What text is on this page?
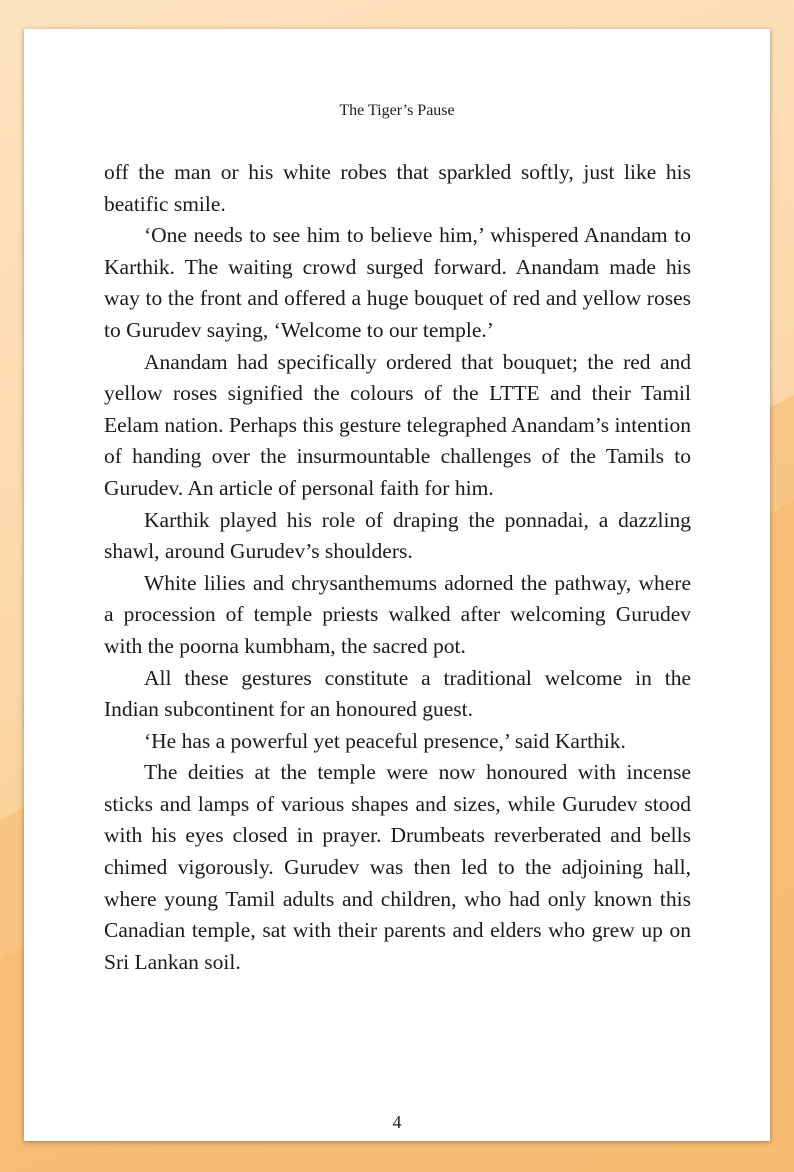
The Tiger’s Pause

off the man or his white robes that sparkled softly, just like his beatific smile.

‘One needs to see him to believe him,’ whispered Anandam to Karthik. The waiting crowd surged forward. Anandam made his way to the front and offered a huge bouquet of red and yellow roses to Gurudev saying, ‘Welcome to our temple.’

Anandam had specifically ordered that bouquet; the red and yellow roses signified the colours of the LTTE and their Tamil Eelam nation. Perhaps this gesture telegraphed Anandam’s intention of handing over the insurmountable challenges of the Tamils to Gurudev. An article of personal faith for him.

Karthik played his role of draping the ponnadai, a dazzling shawl, around Gurudev’s shoulders.

White lilies and chrysanthemums adorned the pathway, where a procession of temple priests walked after welcoming Gurudev with the poorna kumbham, the sacred pot.

All these gestures constitute a traditional welcome in the Indian subcontinent for an honoured guest.

‘He has a powerful yet peaceful presence,’ said Karthik.

The deities at the temple were now honoured with incense sticks and lamps of various shapes and sizes, while Gurudev stood with his eyes closed in prayer. Drumbeats reverberated and bells chimed vigorously. Gurudev was then led to the adjoining hall, where young Tamil adults and children, who had only known this Canadian temple, sat with their parents and elders who grew up on Sri Lankan soil.

4
